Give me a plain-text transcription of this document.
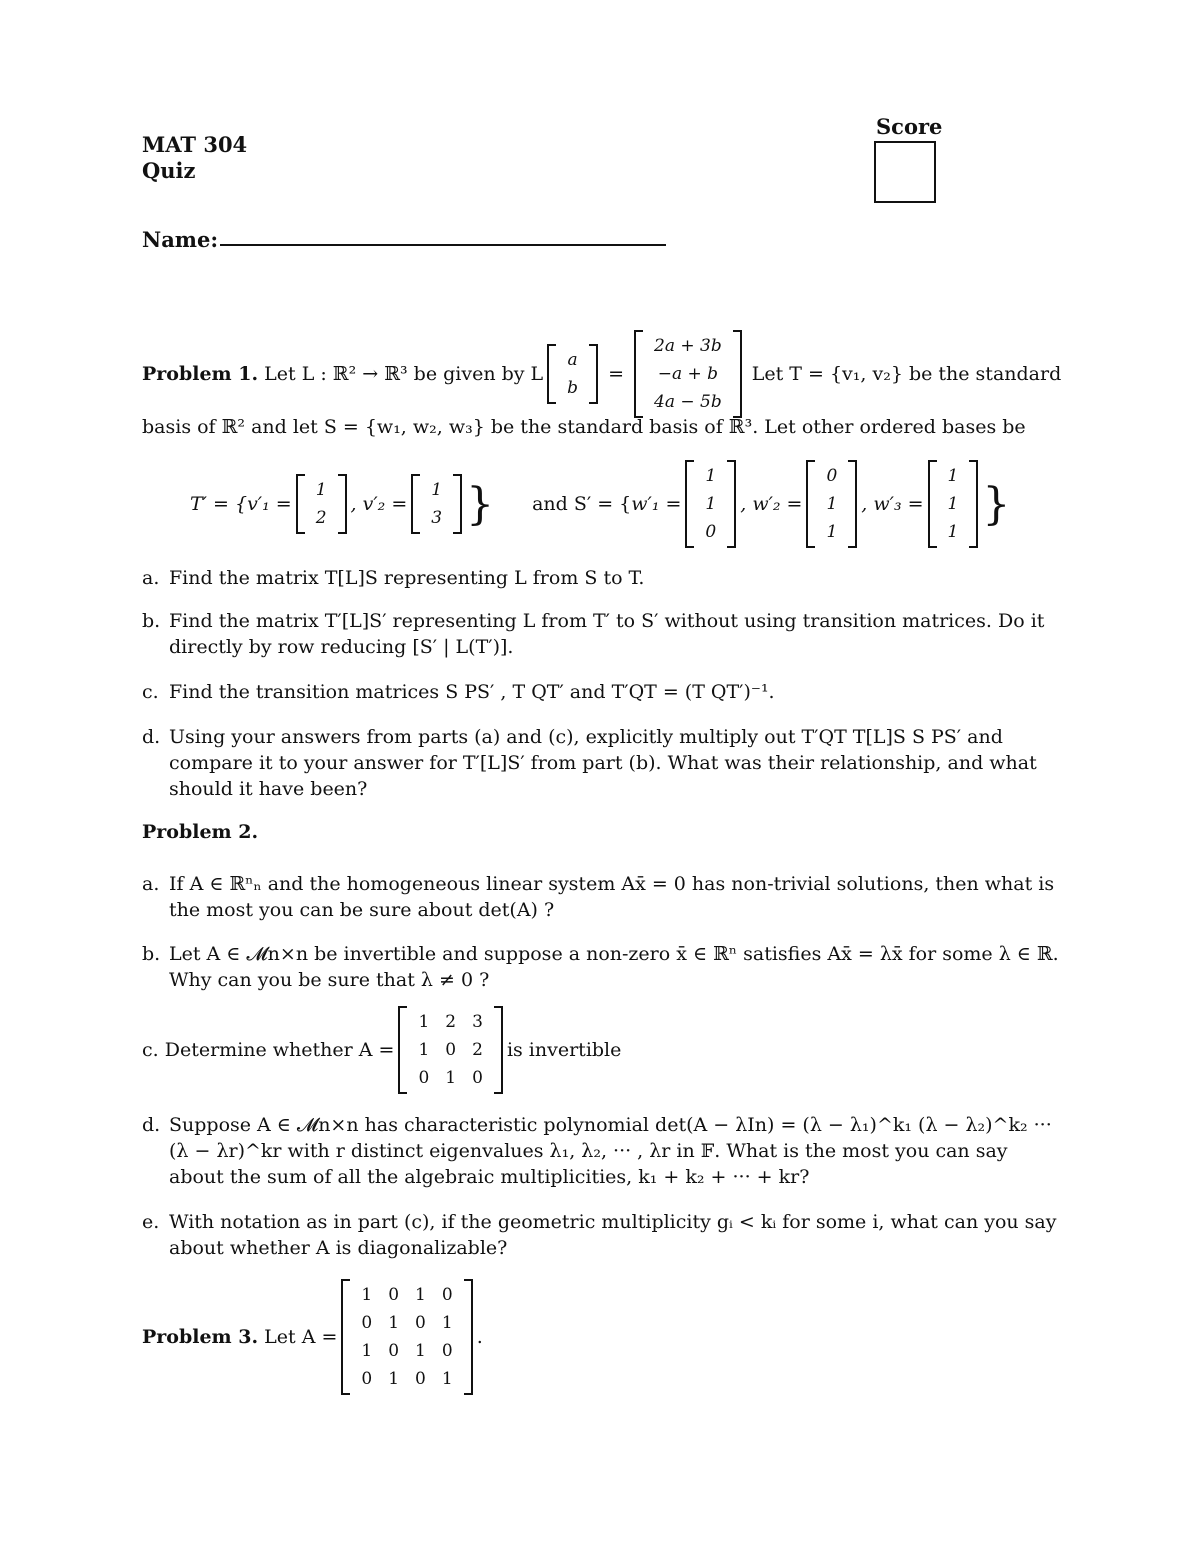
MAT 304
Quiz
Score
Name:
Problem 1.
Let L : ℝ² → ℝ³ be given by L
a
b
=
2a + 3b
−a + b
4a − 5b
Let T = {v₁, v₂} be the standard
basis of ℝ² and let S = {w₁, w₂, w₃} be the standard basis of ℝ³. Let other ordered bases be
T′ = { v′₁ =
1
2
, v′₂ =
1
3 } and S′ = { w′₁ =
1
1
0
, w′₂ =
0
1
1
, w′₃ =
1
1
1
}
a. Find the matrix T[L]S representing L from S to T.
b. Find the matrix T′[L]S′ representing L from T′ to S′ without using transition matrices. Do it directly by row reducing [S′ | L(T′)].
c. Find the transition matrices S PS′ , T QT′ and T′QT = (T QT′)⁻¹.
d. Using your answers from parts (a) and (c), explicitly multiply out T′QT T[L]S S PS′ and compare it to your answer for T′[L]S′ from part (b). What was their relationship, and what should it have been?
Problem 2.
a. If A ∈ ℝⁿₙ and the homogeneous linear system Ax̄ = 0 has non-trivial solutions, then what is the most you can be sure about det(A) ?
b. Let A ∈ 𝓜n×n be invertible and suppose a non-zero x̄ ∈ ℝⁿ satisfies Ax̄ = λx̄ for some λ ∈ ℝ. Why can you be sure that λ ≠ 0 ?
c.
Determine whether A =
1	2	3
1	0	2
0	1	0
is invertible
d. Suppose A ∈ 𝓜n×n has characteristic polynomial det(A − λIn) = (λ − λ₁)^k₁ (λ − λ₂)^k₂ ··· (λ − λr)^kr with r distinct eigenvalues λ₁, λ₂, ··· , λr in 𝔽. What is the most you can say about the sum of all the algebraic multiplicities, k₁ + k₂ + ··· + kr?
e. With notation as in part (c), if the geometric multiplicity gᵢ < kᵢ for some i, what can you say about whether A is diagonalizable?
Problem 3.
Let A =
1	0	1	0
0	1	0	1
1	0	1	0
0	1	0	1
.
